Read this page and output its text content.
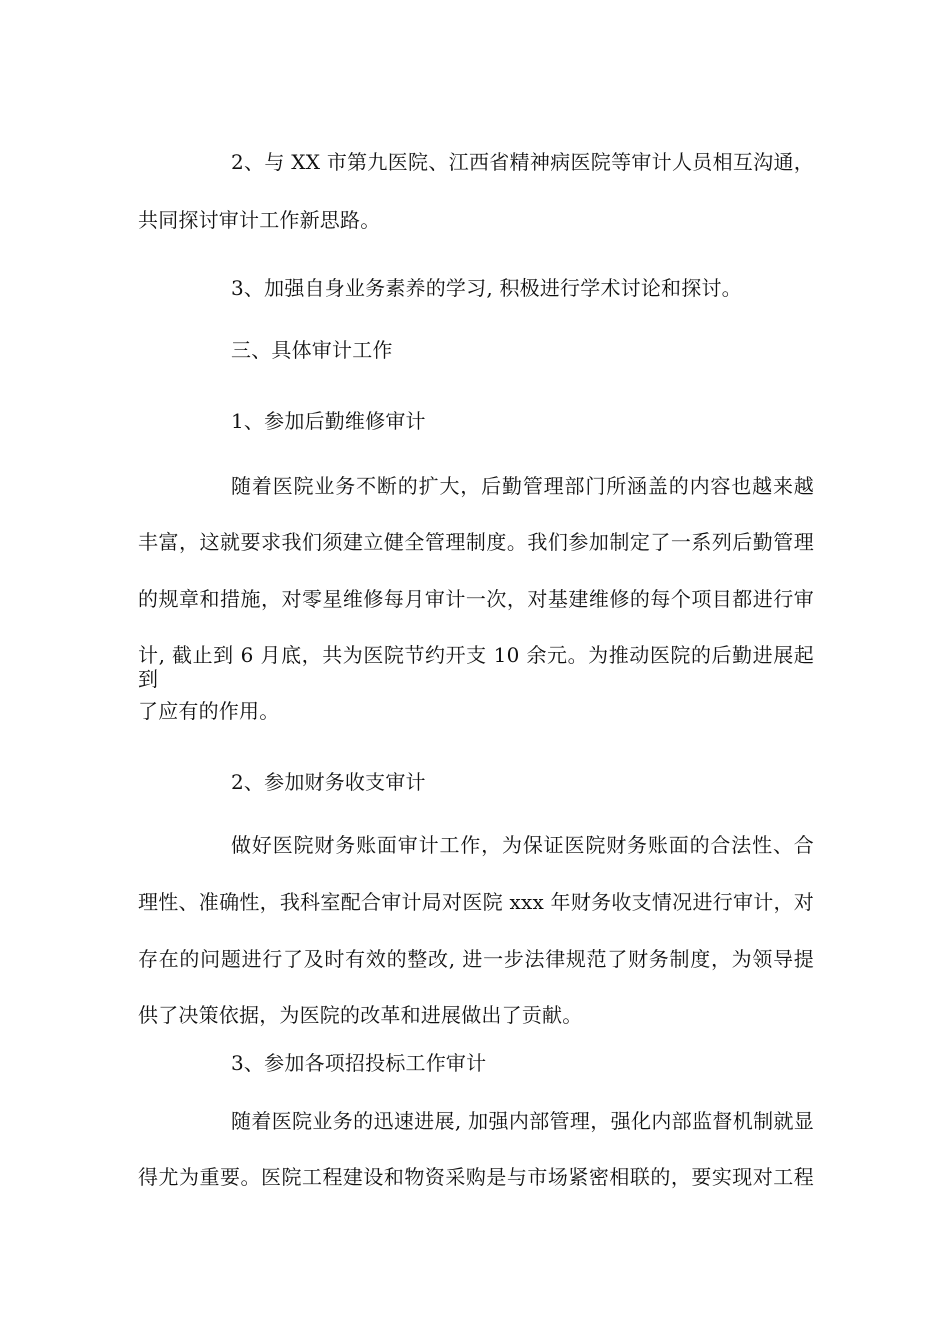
2、与 XX 市第九医院、江西省精神病医院等审计人员相互沟通，
共同探讨审计工作新思路。
3、加强自身业务素养的学习, 积极进行学术讨论和探讨。
三、具体审计工作
1、参加后勤维修审计
随着医院业务不断的扩大，后勤管理部门所涵盖的内容也越来越
丰富，这就要求我们须建立健全管理制度。我们参加制定了一系列后勤管理
的规章和措施，对零星维修每月审计一次，对基建维修的每个项目都进行审
计, 截止到 6 月底，共为医院节约开支 10 余元。为推动医院的后勤进展起到
了应有的作用。
2、参加财务收支审计
做好医院财务账面审计工作，为保证医院财务账面的合法性、合
理性、准确性，我科室配合审计局对医院 xxx 年财务收支情况进行审计，对
存在的问题进行了及时有效的整改, 进一步法律规范了财务制度，为领导提
供了决策依据，为医院的改革和进展做出了贡献。
3、参加各项招投标工作审计
随着医院业务的迅速进展, 加强内部管理，强化内部监督机制就显
得尤为重要。医院工程建设和物资采购是与市场紧密相联的，要实现对工程
